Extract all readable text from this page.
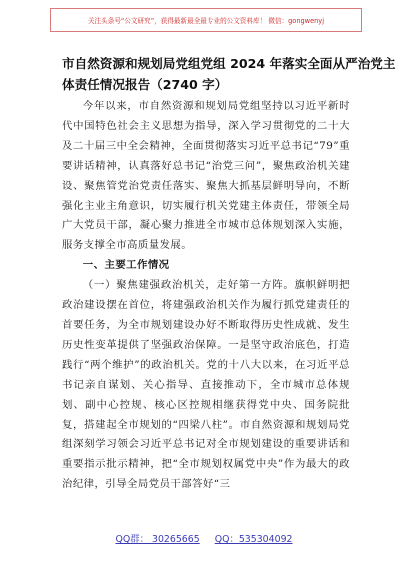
关注头条号“公文研究”，获得最新最全最专业的公文资料库！ 微信：gongwenyj
市自然资源和规划局党组党组 2024 年落实全面从严治党主
体责任情况报告（2740 字）

今年以来，市自然资源和规划局党组坚持以习近平新时代中国特色社会主义思想为指导，深入学习贯彻党的二十大及二十届三中全会精神，全面贯彻落实习近平总书记“79”重要讲话精神，认真落好总书记“治党三问”，聚焦政治机关建设、聚焦管党治党责任落实、聚焦大抓基层鲜明导向，不断强化主业主角意识，切实履行机关党建主体责任，带领全局广大党员干部，凝心聚力推进全市城市总体规划深入实施，服务支撑全市高质量发展。

一、主要工作情况

（一）聚焦建强政治机关，走好第一方阵。旗帜鲜明把政治建设摆在首位，将建强政治机关作为履行抓党建责任的首要任务，为全市规划建设办好不断取得历史性成就、发生历史性变革提供了坚强政治保障。一是坚守政治底色，打造践行“两个维护”的政治机关。党的十八大以来，在习近平总书记亲自谋划、关心指导、直接推动下，全市城市总体规划、副中心控规、核心区控规相继获得党中央、国务院批复，搭建起全市规划的“四梁八柱”。市自然资源和规划局党组深刻学习领会习近平总书记对全市规划建设的重要讲话和重要指示批示精神，把“全市规划权属党中央”作为最大的政治纪律，引导全局党员干部答好“三

QQ群： 30265665 QQ：535304092
